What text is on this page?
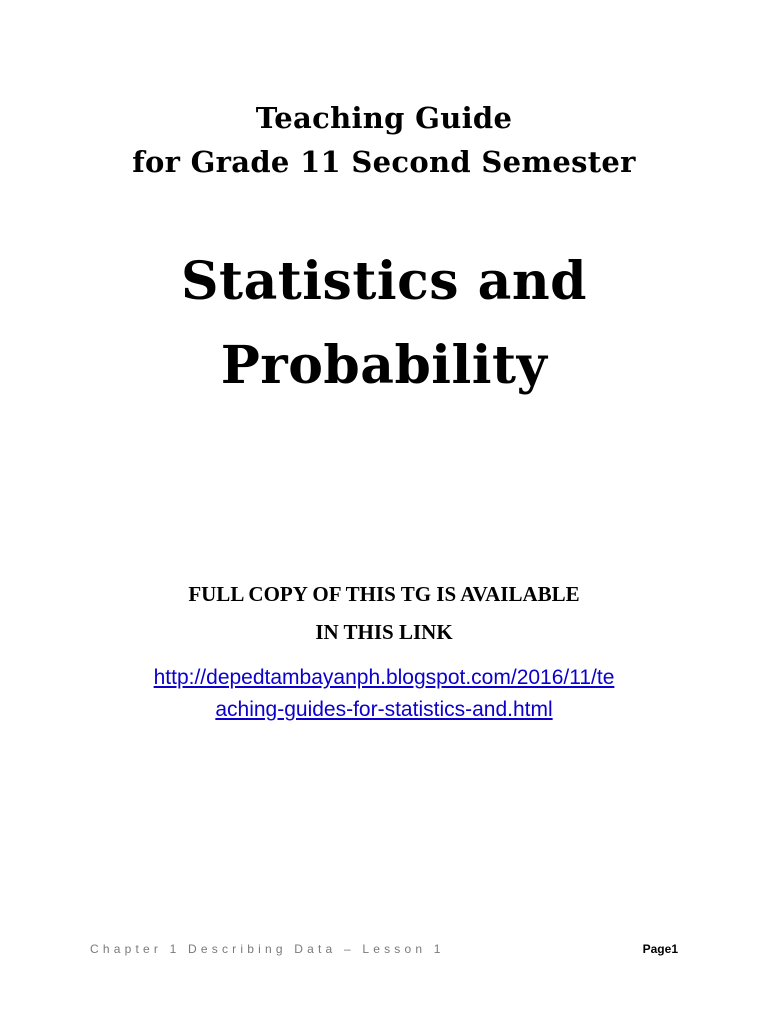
Teaching Guide
for Grade 11 Second Semester
Statistics and
Probability
FULL COPY OF THIS TG IS AVAILABLE
IN THIS LINK
http://depedtambayanph.blogspot.com/2016/11/te
aching-guides-for-statistics-and.html
Chapter 1 Describing Data – Lesson 1	Page1
